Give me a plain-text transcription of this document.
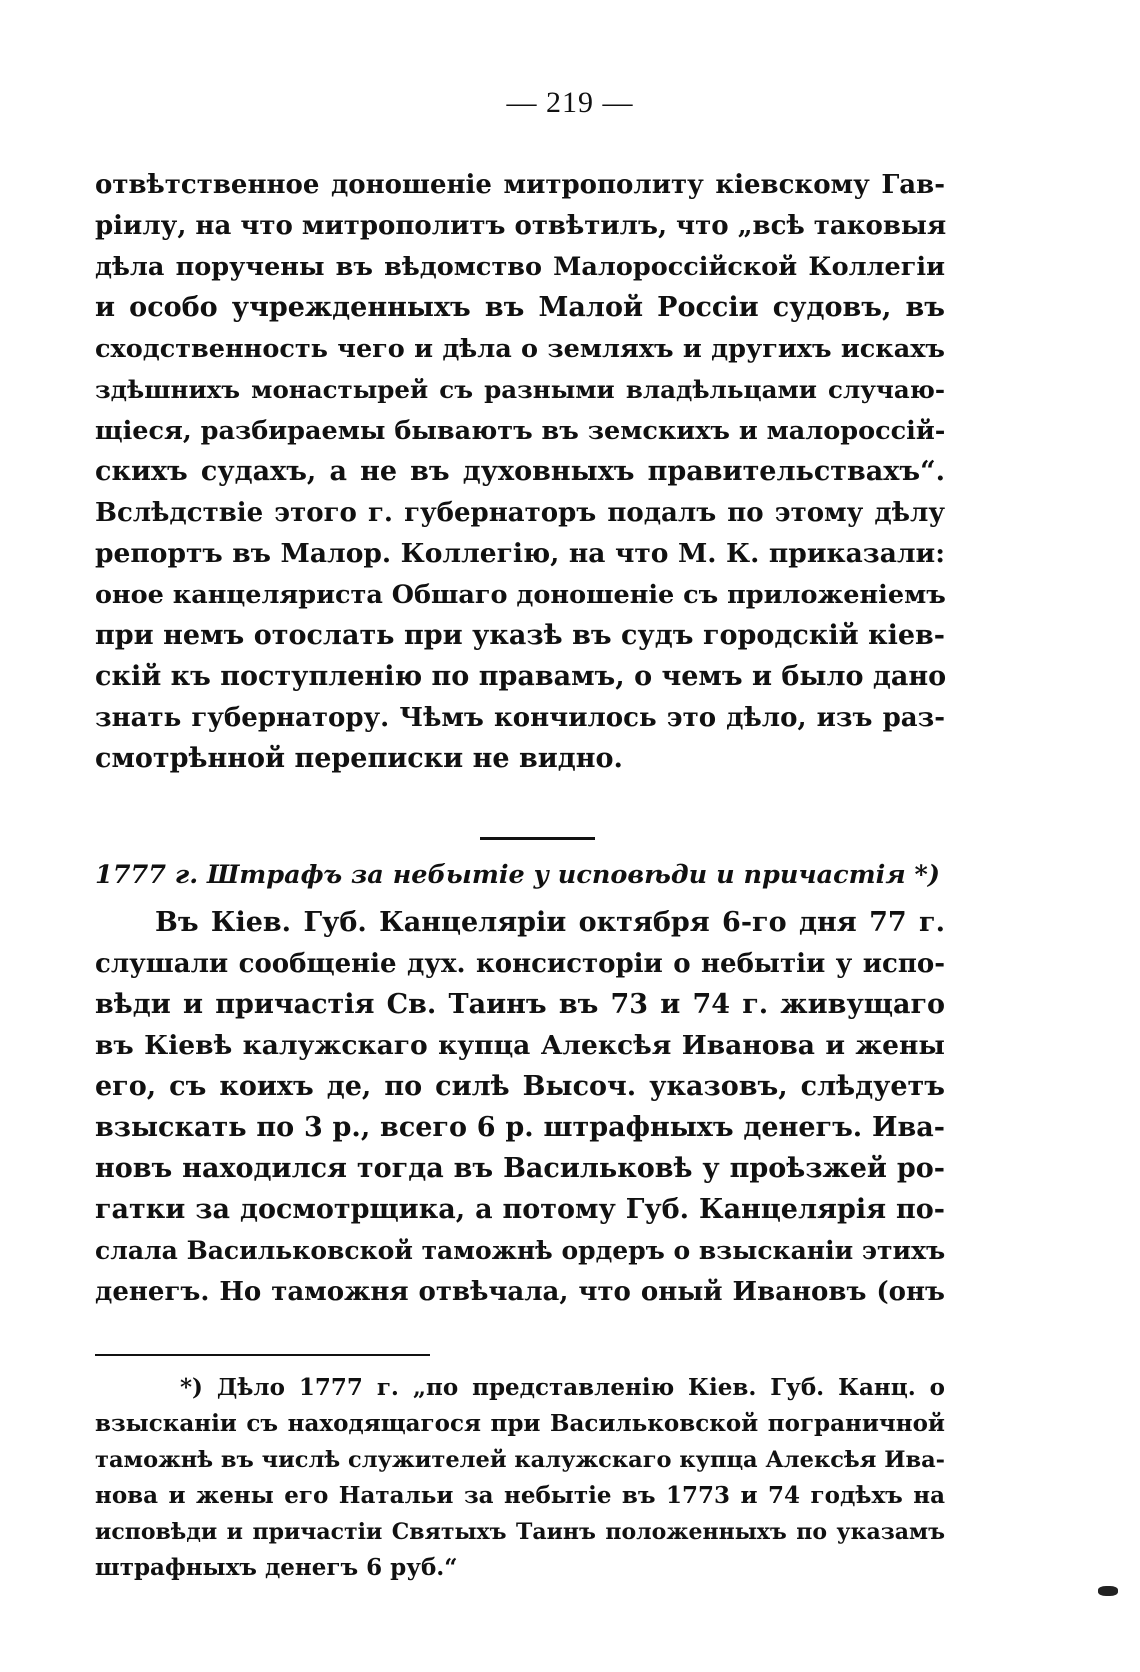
— 219 —
отвѣтственное доношеніе митрополиту кіевскому Гав-
ріилу, на что митрополитъ отвѣтилъ, что „всѣ таковыя
дѣла поручены въ вѣдомство Малороссійской Коллегіи
и особо учрежденныхъ въ Малой Россіи судовъ, въ
сходственность чего и дѣла о земляхъ и другихъ искахъ
здѣшнихъ монастырей съ разными владѣльцами случаю-
щіеся, разбираемы бываютъ въ земскихъ и малороссій-
скихъ судахъ, а не въ духовныхъ правительствахъ“.
Вслѣдствіе этого г. губернаторъ подалъ по этому дѣлу
репортъ въ Малор. Коллегію, на что М. К. приказали:
оное канцеляриста Обшаго доношеніе съ приложеніемъ
при немъ отослать при указѣ въ судъ городскій кіев-
скій къ поступленію по правамъ, о чемъ и было дано
знать губернатору. Чѣмъ кончилось это дѣло, изъ раз-
смотрѣнной переписки не видно.
1777 г. Штрафъ за небытіе у исповѣди и причастія *)
Въ Кіев. Губ. Канцеляріи октября 6-го дня 77 г.
слушали сообщеніе дух. консисторіи о небытіи у испо-
вѣди и причастія Св. Таинъ въ 73 и 74 г. живущаго
въ Кіевѣ калужскаго купца Алексѣя Иванова и жены
его, съ коихъ де, по силѣ Высоч. указовъ, слѣдуетъ
взыскать по 3 р., всего 6 р. штрафныхъ денегъ. Ива-
новъ находился тогда въ Васильковѣ у проѣзжей ро-
гатки за досмотрщика, а потому Губ. Канцелярія по-
слала Васильковской таможнѣ ордеръ о взысканіи этихъ
денегъ. Но таможня отвѣчала, что оный Ивановъ (онъ
*) Дѣло 1777 г. „по представленію Кіев. Губ. Канц. о
взысканіи съ находящагося при Васильковской пограничной
таможнѣ въ числѣ служителей калужскаго купца Алексѣя Ива-
нова и жены его Натальи за небытіе въ 1773 и 74 годѣхъ на
исповѣди и причастіи Святыхъ Таинъ положенныхъ по указамъ
штрафныхъ денегъ 6 руб.“
